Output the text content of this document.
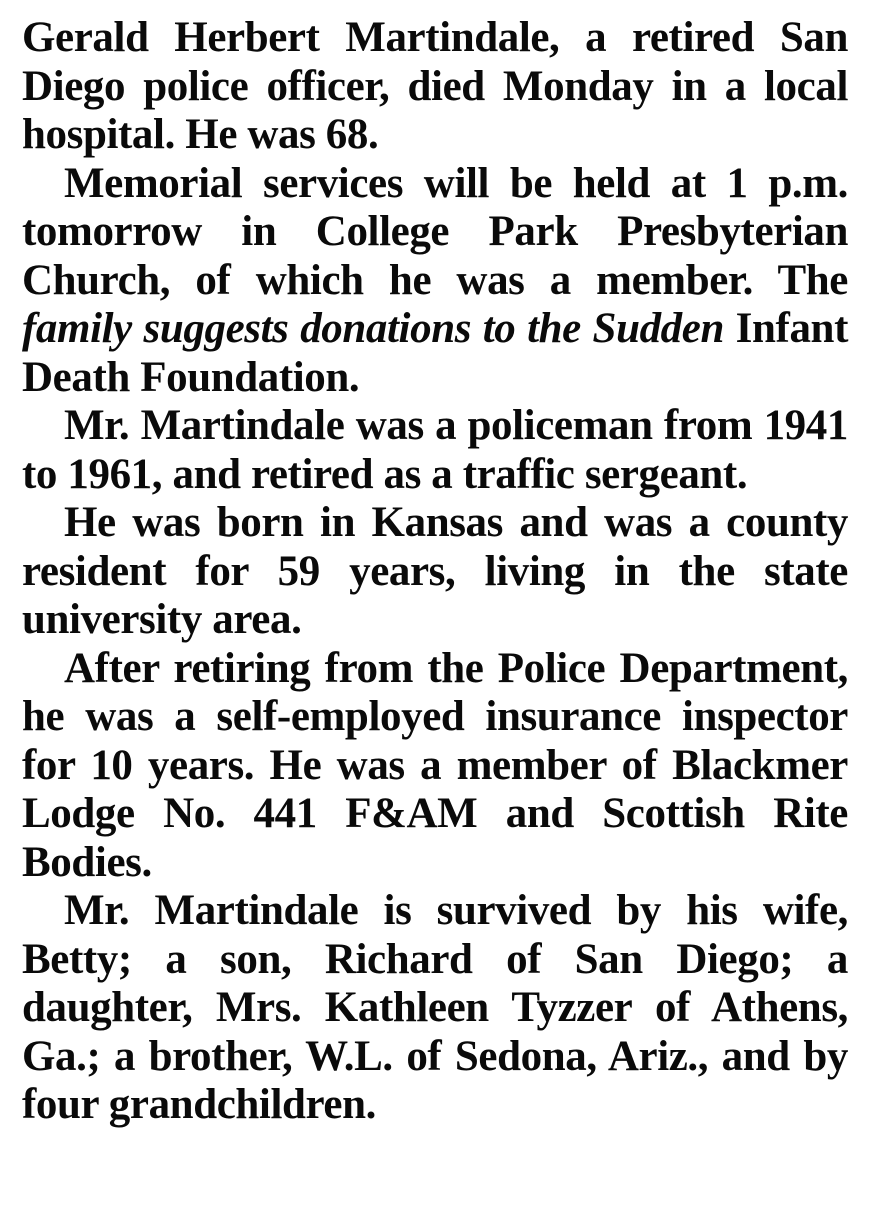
Gerald Herbert Martindale, a retired San Diego police officer, died Monday in a local hospital. He was 68.

Memorial services will be held at 1 p.m. tomorrow in College Park Presbyterian Church, of which he was a member. The family suggests donations to the Sudden Infant Death Foundation.

Mr. Martindale was a policeman from 1941 to 1961, and retired as a traffic sergeant.

He was born in Kansas and was a county resident for 59 years, living in the state university area.

After retiring from the Police Department, he was a self-employed insurance inspector for 10 years. He was a member of Blackmer Lodge No. 441 F&AM and Scottish Rite Bodies.

Mr. Martindale is survived by his wife, Betty; a son, Richard of San Diego; a daughter, Mrs. Kathleen Tyzzer of Athens, Ga.; a brother, W.L. of Sedona, Ariz., and by four grandchildren.
